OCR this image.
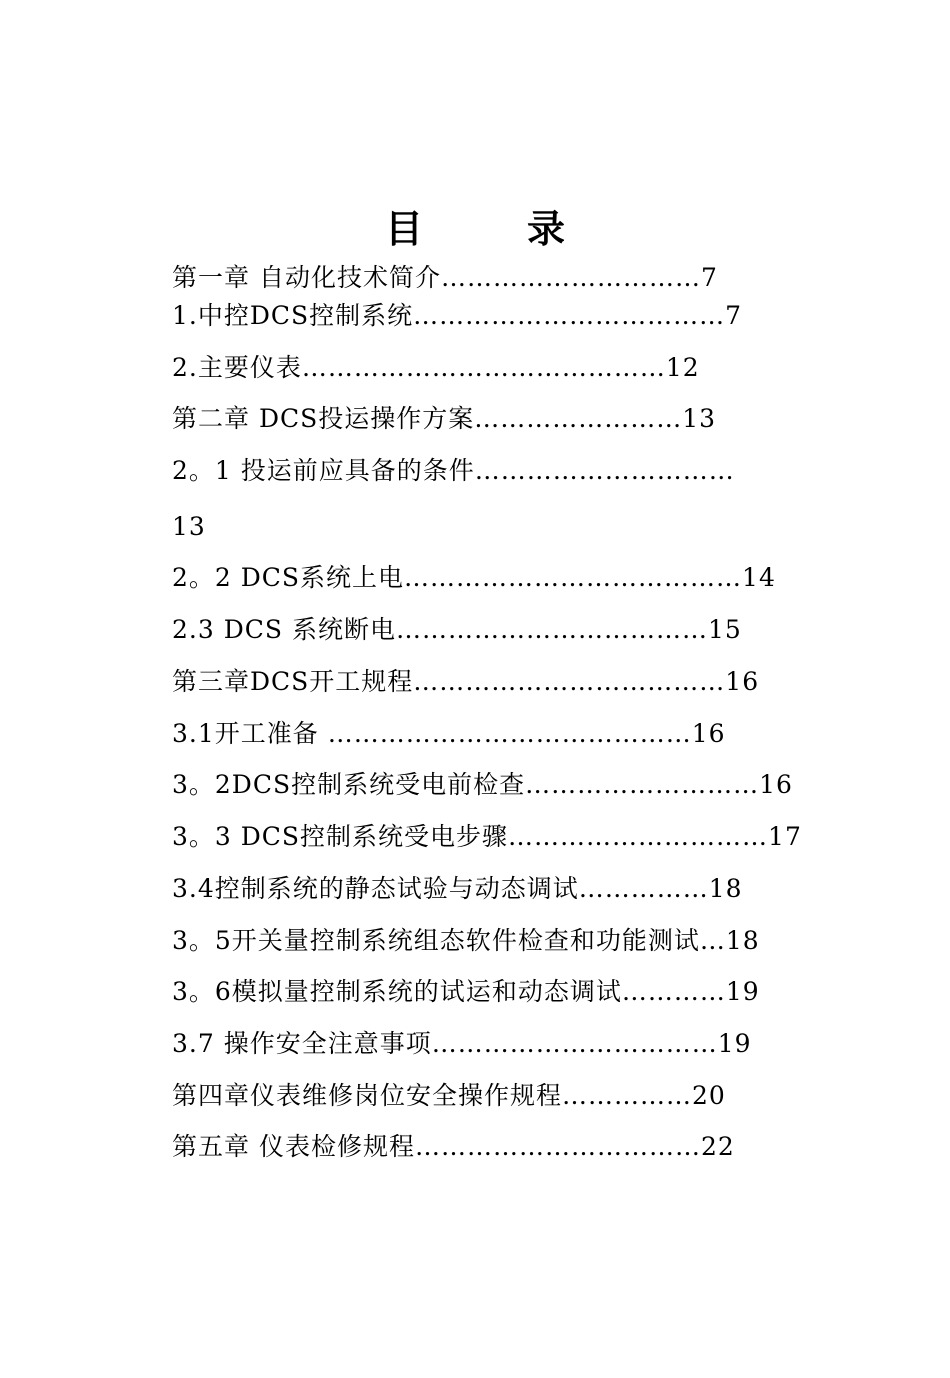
目	录
第一章 自动化技术简介…………………………7
1.中控DCS控制系统………………………………7
2.主要仪表……………………………………12
第二章 DCS投运操作方案……………………13
2。1 投运前应具备的条件…………………………
13
2。2 DCS系统上电…………………………………14
2.3 DCS 系统断电………………………………15
第三章DCS开工规程………………………………16
3.1开工准备 ……………………………………16
3。2DCS控制系统受电前检查………………………16
3。3 DCS控制系统受电步骤…………………………17
3.4控制系统的静态试验与动态调试……………18
3。5开关量控制系统组态软件检查和功能测试…18
3。6模拟量控制系统的试运和动态调试…………19
3.7 操作安全注意事项……………………………19
第四章仪表维修岗位安全操作规程……………20
第五章 仪表检修规程……………………………22
